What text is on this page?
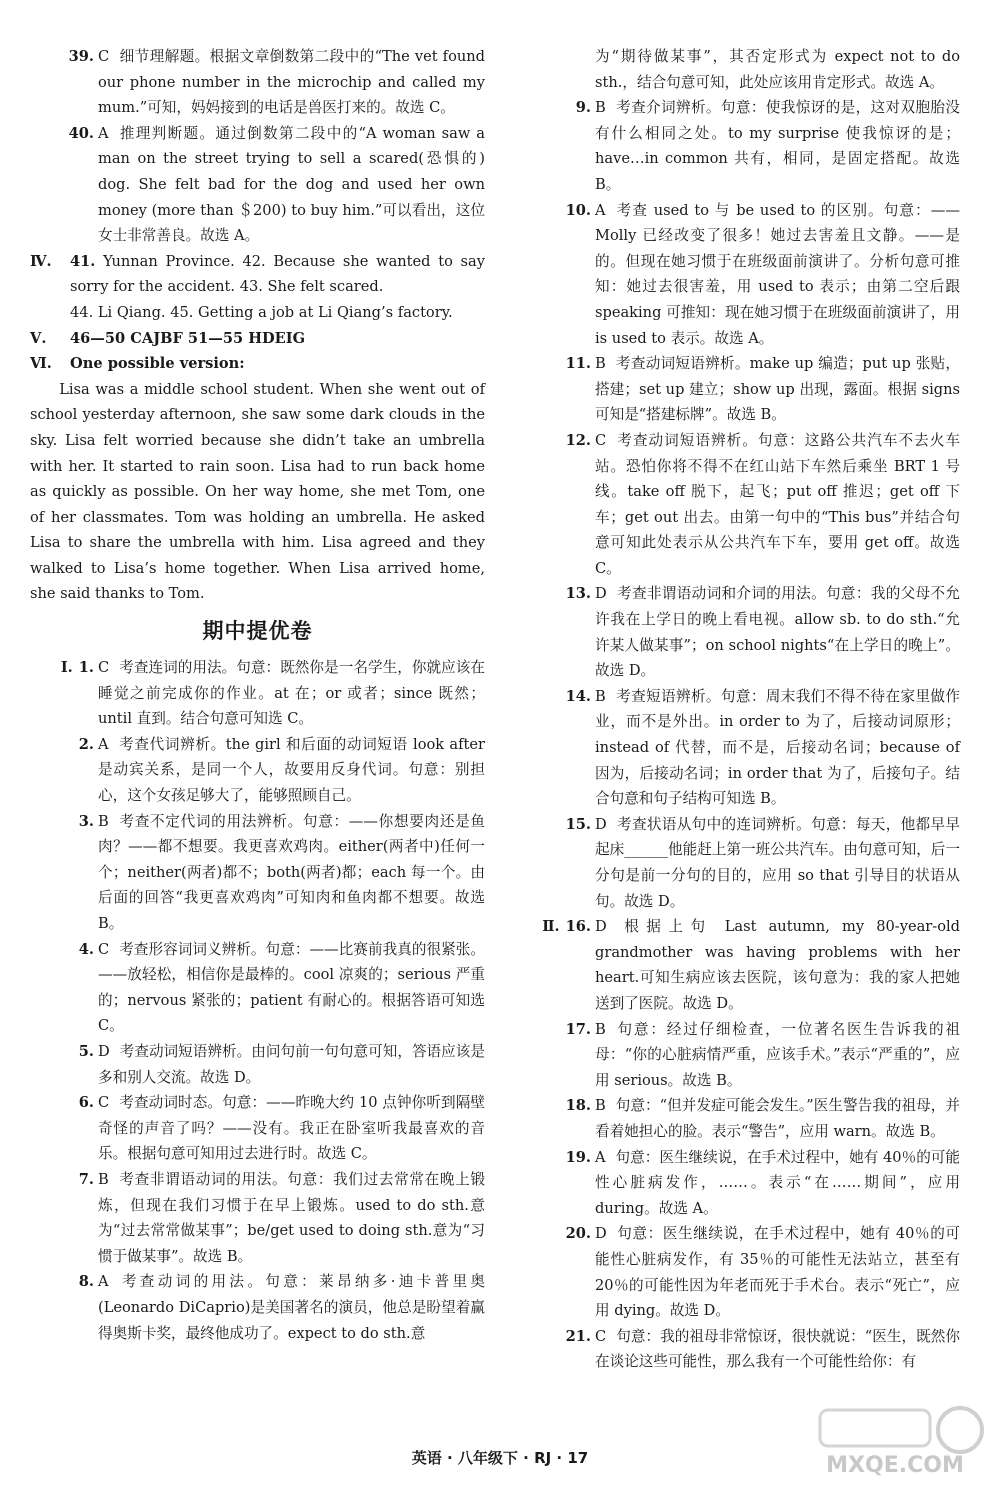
39. C 细节理解题。根据文章倒数第二段中的“The vet found our phone number in the microchip and called my mum.”可知，妈妈接到的电话是兽医打来的。故选 C。

40. A 推理判断题。通过倒数第二段中的“A woman saw a man on the street trying to sell a scared(恐惧的) dog. She felt bad for the dog and used her own money (more than ＄200) to buy him.”可以看出，这位女士非常善良。故选 A。

Ⅳ. 41. Yunnan Province. 42. Because she wanted to say sorry for the accident. 43. She felt scared.

44. Li Qiang. 45. Getting a job at Li Qiang’s factory.

Ⅴ. 46—50 CAJBF 51—55 HDEIG

Ⅵ. One possible version:

Lisa was a middle school student. When she went out of school yesterday afternoon, she saw some dark clouds in the sky. Lisa felt worried because she didn’t take an umbrella with her. It started to rain soon. Lisa had to run back home as quickly as possible. On her way home, she met Tom, one of her classmates. Tom was holding an umbrella. He asked Lisa to share the umbrella with him. Lisa agreed and they walked to Lisa’s home together. When Lisa arrived home, she said thanks to Tom.

期中提优卷

Ⅰ. 1. C 考查连词的用法。句意：既然你是一名学生，你就应该在睡觉之前完成你的作业。at 在；or 或者；since 既然；until 直到。结合句意可知选 C。

2. A 考查代词辨析。the girl 和后面的动词短语 look after 是动宾关系，是同一个人，故要用反身代词。句意：别担心，这个女孩足够大了，能够照顾自己。

3. B 考查不定代词的用法辨析。句意：——你想要肉还是鱼肉？——都不想要。我更喜欢鸡肉。either(两者中)任何一个；neither(两者)都不；both(两者)都；each 每一个。由后面的回答“我更喜欢鸡肉”可知肉和鱼肉都不想要。故选 B。

4. C 考查形容词词义辨析。句意：——比赛前我真的很紧张。——放轻松，相信你是最棒的。cool 凉爽的；serious 严重的；nervous 紧张的；patient 有耐心的。根据答语可知选 C。

5. D 考查动词短语辨析。由问句前一句句意可知，答语应该是多和别人交流。故选 D。

6. C 考查动词时态。句意：——昨晚大约 10 点钟你听到隔壁奇怪的声音了吗？——没有。我正在卧室听我最喜欢的音乐。根据句意可知用过去进行时。故选 C。

7. B 考查非谓语动词的用法。句意：我们过去常常在晚上锻炼，但现在我们习惯于在早上锻炼。used to do sth.意为“过去常常做某事”；be/get used to doing sth.意为“习惯于做某事”。故选 B。

8. A 考查动词的用法。句意：莱昂纳多·迪卡普里奥(Leonardo DiCaprio)是美国著名的演员，他总是盼望着赢得奥斯卡奖，最终他成功了。expect to do sth.意

为“期待做某事”，其否定形式为 expect not to do sth.，结合句意可知，此处应该用肯定形式。故选 A。

9. B 考查介词辨析。句意：使我惊讶的是，这对双胞胎没有什么相同之处。to my surprise 使我惊讶的是；have…in common 共有，相同，是固定搭配。故选 B。

10. A 考查 used to 与 be used to 的区别。句意：——Molly 已经改变了很多！她过去害羞且文静。——是的。但现在她习惯于在班级面前演讲了。分析句意可推知：她过去很害羞，用 used to 表示；由第二空后跟 speaking 可推知：现在她习惯于在班级面前演讲了，用 is used to 表示。故选 A。

11. B 考查动词短语辨析。make up 编造；put up 张贴，搭建；set up 建立；show up 出现，露面。根据 signs 可知是“搭建标牌”。故选 B。

12. C 考查动词短语辨析。句意：这路公共汽车不去火车站。恐怕你将不得不在红山站下车然后乘坐 BRT 1 号线。take off 脱下，起飞；put off 推迟；get off 下车；get out 出去。由第一句中的“This bus”并结合句意可知此处表示从公共汽车下车，要用 get off。故选 C。

13. D 考查非谓语动词和介词的用法。句意：我的父母不允许我在上学日的晚上看电视。allow sb. to do sth.“允许某人做某事”；on school nights“在上学日的晚上”。故选 D。

14. B 考查短语辨析。句意：周末我们不得不待在家里做作业，而不是外出。in order to 为了，后接动词原形；instead of 代替，而不是，后接动名词；because of 因为，后接动名词；in order that 为了，后接句子。结合句意和句子结构可知选 B。

15. D 考查状语从句中的连词辨析。句意：每天，他都早早起床______他能赶上第一班公共汽车。由句意可知，后一分句是前一分句的目的，应用 so that 引导目的状语从句。故选 D。

Ⅱ. 16. D 根据上句 Last autumn, my 80-year-old grandmother was having problems with her heart.可知生病应该去医院，该句意为：我的家人把她送到了医院。故选 D。

17. B 句意：经过仔细检查，一位著名医生告诉我的祖母：“你的心脏病情严重，应该手术。”表示“严重的”，应用 serious。故选 B。

18. B 句意：“但并发症可能会发生。”医生警告我的祖母，并看着她担心的脸。表示“警告”，应用 warn。故选 B。

19. A 句意：医生继续说，在手术过程中，她有 40％的可能性心脏病发作，……。表示“在……期间”，应用 during。故选 A。

20. D 句意：医生继续说，在手术过程中，她有 40％的可能性心脏病发作，有 35％的可能性无法站立，甚至有 20％的可能性因为年老而死于手术台。表示“死亡”，应用 dying。故选 D。

21. C 句意：我的祖母非常惊讶，很快就说：“医生，既然你在谈论这些可能性，那么我有一个可能性给你：有

英语 · 八年级下 · RJ · 17	MXQE.COM
